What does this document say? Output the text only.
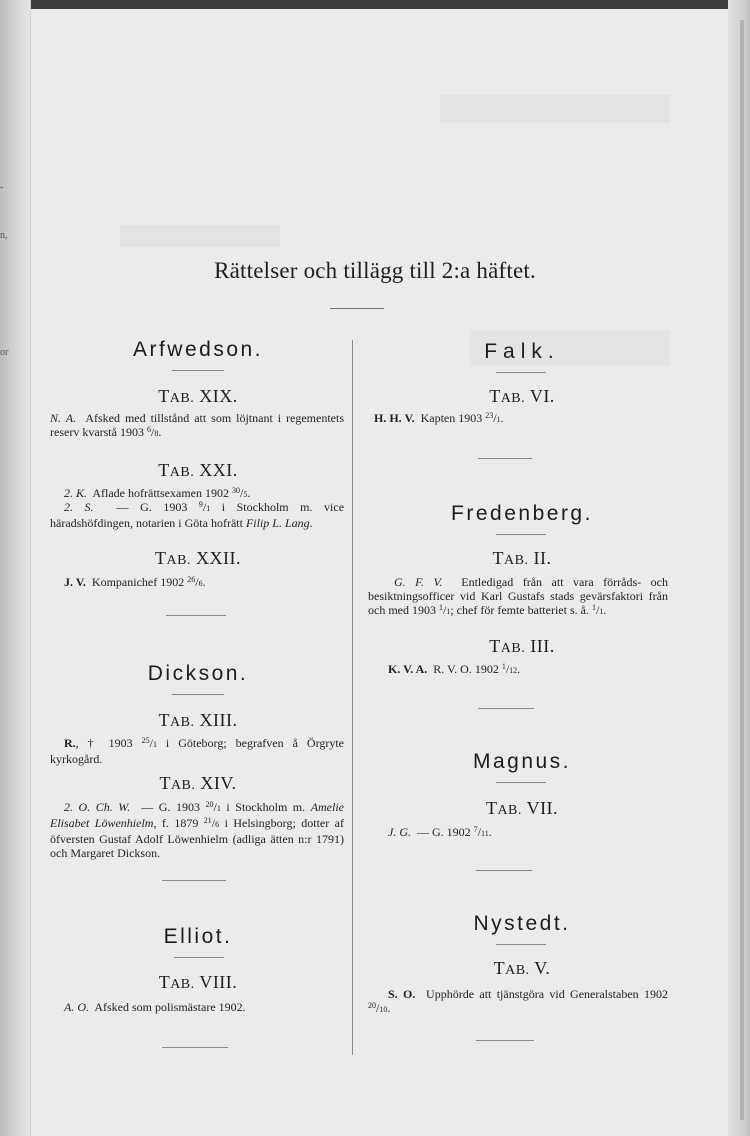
-
n,
or
Rättelser och tillägg till 2:a häftet.
Arfwedson.
TAB. XIX.
N. A. Afsked med tillstånd att som löjtnant i regementets reserv kvarstå 1903 $^6$/8.
TAB. XXI.
2. K. Aflade hofrättsexamen 1902 $^{30}$/5.
2. S. — G. 1903 $^9$/1 i Stockholm m. vice häradshöfdingen, notarien i Göta hofrätt Filip L. Lang.
TAB. XXII.
J. V. Kompanichef 1902 $^{26}$/6.
Dickson.
TAB. XIII.
R., † 1903 $^{25}$/1 i Göteborg; begrafven å Örgryte kyrkogård.
TAB. XIV.
2. O. Ch. W. — G. 1903 $^{20}$/1 i Stockholm m. Amelie Elisabet Löwenhielm, f. 1879 $^{21}$/6 i Helsingborg; dotter af öfversten Gustaf Adolf Löwenhielm (adliga ätten n:r 1791) och Margaret Dickson.
Elliot.
TAB. VIII.
A. O. Afsked som polismästare 1902.
Falk.
TAB. VI.
H. H. V. Kapten 1903 $^{23}$/1.
Fredenberg.
TAB. II.
G. F. V. Entledigad från att vara förråds- och besiktningsofficer vid Karl Gustafs stads gevärsfaktori från och med 1903 $^1$/1; chef för femte batteriet s. å. $^1$/1.
TAB. III.
K. V. A. R. V. O. 1902 $^1$/12.
Magnus.
TAB. VII.
J. G. — G. 1902 $^7$/11.
Nystedt.
TAB. V.
S. O. Upphörde att tjänstgöra vid Generalstaben 1902 $^{20}$/10.
